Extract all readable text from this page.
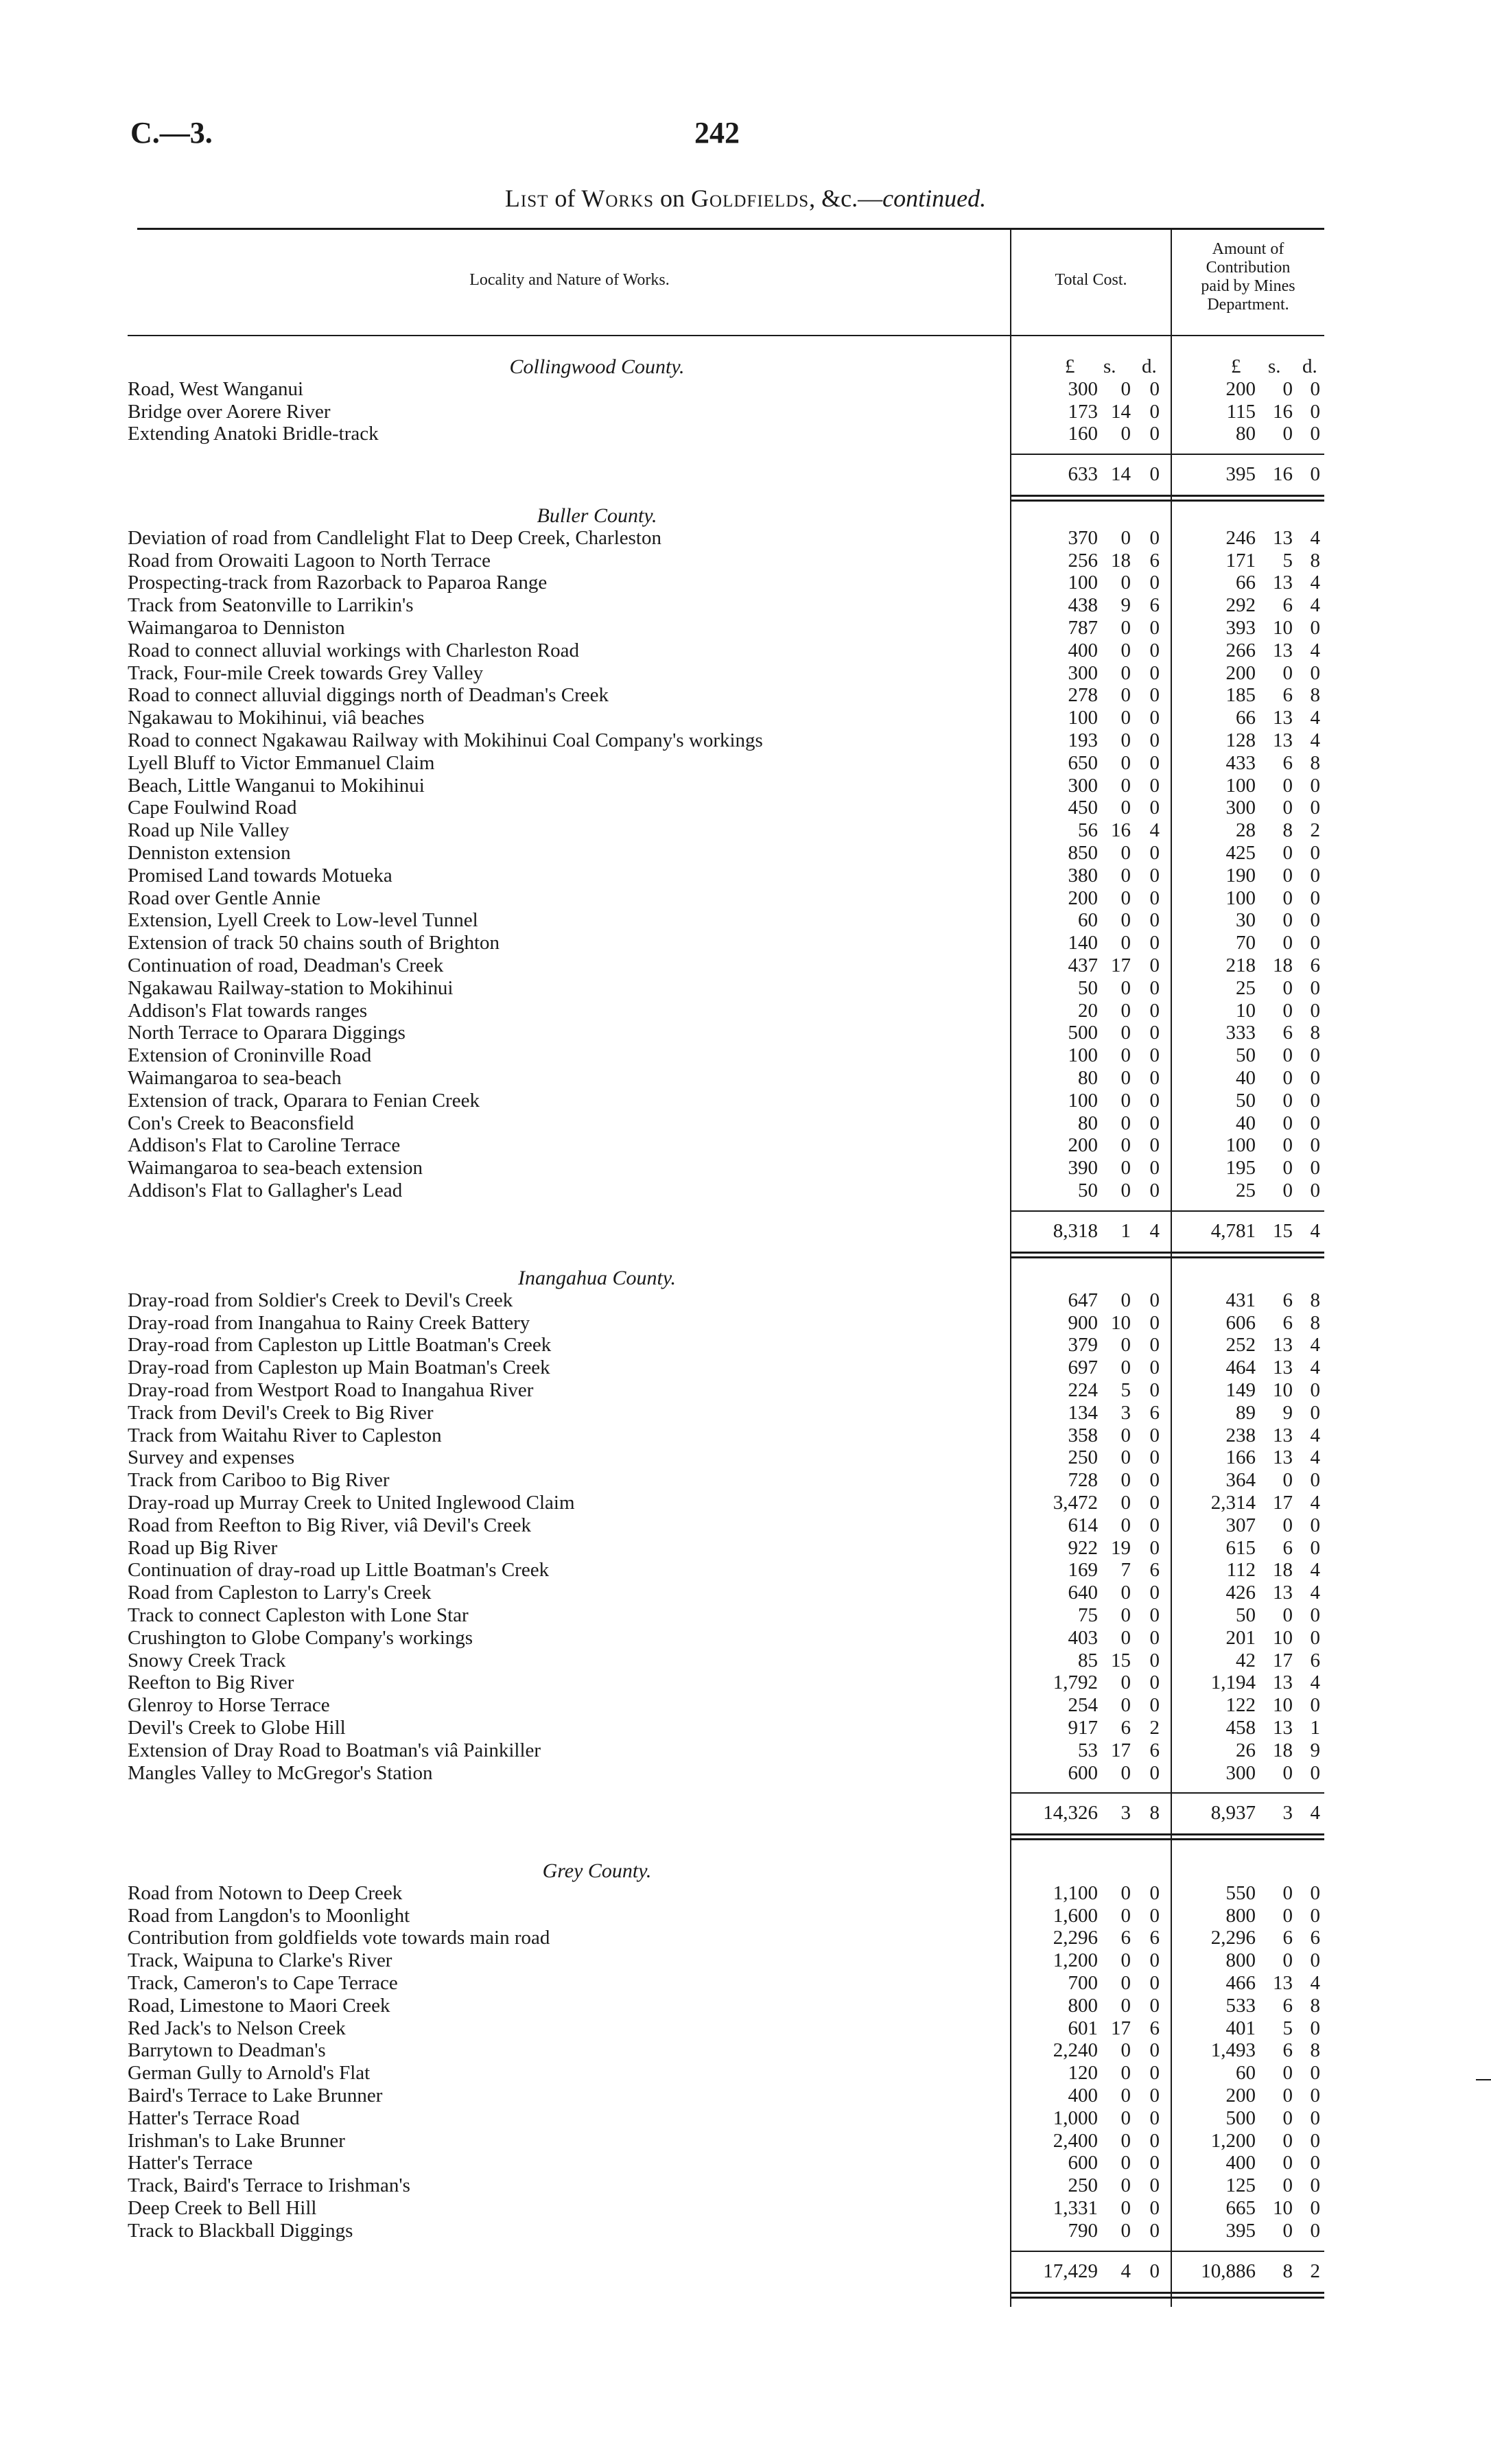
C.—3.	242
List of Works on Goldfields, &c.—continued.
Locality and Nature of Works.	Total Cost.
Amount of
Contribution
paid by Mines
Department.
£ s. d.	£ s. d.
Collingwood County.
Road, West Wanganui	300	0 0	200	0 0
Bridge over Aorere River	173 14 0	115 16 0
Extending Anatoki Bridle-track	160	0 0	80	0 0
633 14 0	395 16 0
Buller County.
Deviation of road from Candlelight Flat to Deep Creek, Charleston	370	0 0	246 13 4
Road from Orowaiti Lagoon to North Terrace	256 18 6	171	5 8
Prospecting-track from Razorback to Paparoa Range	100	0 0	66 13 4
Track from Seatonville to Larrikin's	438	9 6	292	6 4
Waimangaroa to Denniston	787	0 0	393 10 0
Road to connect alluvial workings with Charleston Road	400	0 0	266 13 4
Track, Four-mile Creek towards Grey Valley	300	0 0	200	0 0
Road to connect alluvial diggings north of Deadman's Creek	278	0 0	185	6 8
Ngakawau to Mokihinui, viâ beaches	100	0 0	66 13 4
Road to connect Ngakawau Railway with Mokihinui Coal Company's workings	193	0 0	128 13 4
Lyell Bluff to Victor Emmanuel Claim	650	0 0	433	6 8
Beach, Little Wanganui to Mokihinui	300	0 0	100	0 0
Cape Foulwind Road	450	0 0	300	0 0
Road up Nile Valley	56 16 4	28	8 2
Denniston extension	850	0 0	425	0 0
Promised Land towards Motueka	380	0 0	190	0 0
Road over Gentle Annie	200	0 0	100	0 0
Extension, Lyell Creek to Low-level Tunnel	60	0 0	30	0 0
Extension of track 50 chains south of Brighton	140	0 0	70	0 0
Continuation of road, Deadman's Creek	437 17 0	218 18 6
Ngakawau Railway-station to Mokihinui	50	0 0	25	0 0
Addison's Flat towards ranges	20	0 0	10	0 0
North Terrace to Oparara Diggings	500	0 0	333	6 8
Extension of Croninville Road	100	0 0	50	0 0
Waimangaroa to sea-beach	80	0 0	40	0 0
Extension of track, Oparara to Fenian Creek	100	0 0	50	0 0
Con's Creek to Beaconsfield	80	0 0	40	0 0
Addison's Flat to Caroline Terrace	200	0 0	100	0 0
Waimangaroa to sea-beach extension	390	0 0	195	0 0
Addison's Flat to Gallagher's Lead	50	0 0	25	0 0
8,318	1 4	4,781 15 4
Inangahua County.
Dray-road from Soldier's Creek to Devil's Creek	647	0 0	431	6 8
Dray-road from Inangahua to Rainy Creek Battery	900 10 0	606	6 8
Dray-road from Capleston up Little Boatman's Creek	379	0 0	252 13 4
Dray-road from Capleston up Main Boatman's Creek	697	0 0	464 13 4
Dray-road from Westport Road to Inangahua River	224	5 0	149 10 0
Track from Devil's Creek to Big River	134	3 6	89	9 0
Track from Waitahu River to Capleston	358	0 0	238 13 4
Survey and expenses	250	0 0	166 13 4
Track from Cariboo to Big River	728	0 0	364	0 0
Dray-road up Murray Creek to United Inglewood Claim	3,472	0 0	2,314 17 4
Road from Reefton to Big River, viâ Devil's Creek	614	0 0	307	0 0
Road up Big River	922 19 0	615	6 0
Continuation of dray-road up Little Boatman's Creek	169	7 6	112 18 4
Road from Capleston to Larry's Creek	640	0 0	426 13 4
Track to connect Capleston with Lone Star	75	0 0	50	0 0
Crushington to Globe Company's workings	403	0 0	201 10 0
Snowy Creek Track	85 15 0	42 17 6
Reefton to Big River	1,792	0 0	1,194 13 4
Glenroy to Horse Terrace	254	0 0	122 10 0
Devil's Creek to Globe Hill	917	6 2	458 13 1
Extension of Dray Road to Boatman's viâ Painkiller	53 17 6	26 18 9
Mangles Valley to McGregor's Station	600	0 0	300	0 0
14,326	3 8	8,937	3 4
Grey County.
Road from Notown to Deep Creek	1,100	0 0	550	0 0
Road from Langdon's to Moonlight	1,600	0 0	800	0 0
Contribution from goldfields vote towards main road	2,296	6 6	2,296	6 6
Track, Waipuna to Clarke's River	1,200	0 0	800	0 0
Track, Cameron's to Cape Terrace	700	0 0	466 13 4
Road, Limestone to Maori Creek	800	0 0	533	6 8
Red Jack's to Nelson Creek	601 17 6	401	5 0
Barrytown to Deadman's	2,240	0 0	1,493	6 8
German Gully to Arnold's Flat	120	0 0	60	0 0
Baird's Terrace to Lake Brunner	400	0 0	200	0 0
Hatter's Terrace Road	1,000	0 0	500	0 0
Irishman's to Lake Brunner	2,400	0 0	1,200	0 0
Hatter's Terrace	600	0 0	400	0 0
Track, Baird's Terrace to Irishman's	250	0 0	125	0 0
Deep Creek to Bell Hill	1,331	0 0	665 10 0
Track to Blackball Diggings	790	0 0	395	0 0
17,429	4 0	10,886	8 2
